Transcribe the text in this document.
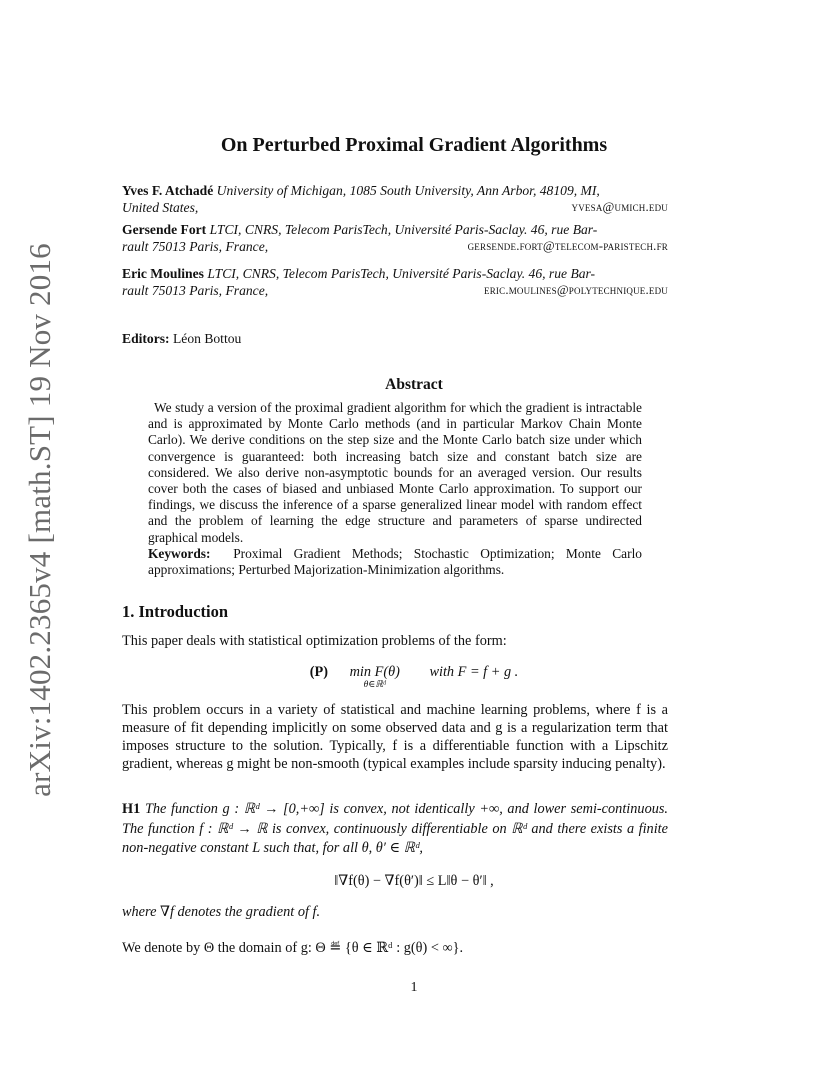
arXiv:1402.2365v4 [math.ST] 19 Nov 2016
On Perturbed Proximal Gradient Algorithms
Yves F. Atchadé University of Michigan, 1085 South University, Ann Arbor, 48109, MI,
United States,	yvesa@umich.edu
Gersende Fort LTCI, CNRS, Telecom ParisTech, Université Paris-Saclay. 46, rue Bar-
rault 75013 Paris, France,	gersende.fort@telecom-paristech.fr
Eric Moulines LTCI, CNRS, Telecom ParisTech, Université Paris-Saclay. 46, rue Bar-
rault 75013 Paris, France,	eric.moulines@polytechnique.edu
Editors: Léon Bottou
Abstract

We study a version of the proximal gradient algorithm for which the gradient is intractable and is approximated by Monte Carlo methods (and in particular Markov Chain Monte Carlo). We derive conditions on the step size and the Monte Carlo batch size under which convergence is guaranteed: both increasing batch size and constant batch size are considered. We also derive non-asymptotic bounds for an averaged version. Our results cover both the cases of biased and unbiased Monte Carlo approximation. To support our findings, we discuss the inference of a sparse generalized linear model with random effect and the problem of learning the edge structure and parameters of sparse undirected graphical models.

Keywords: Proximal Gradient Methods; Stochastic Optimization; Monte Carlo approximations; Perturbed Majorization-Minimization algorithms.
1. Introduction
This paper deals with statistical optimization problems of the form:
(P) min F(θ)
θ∈ℝᵈ
with F = f + g .
This problem occurs in a variety of statistical and machine learning problems, where f is a measure of fit depending implicitly on some observed data and g is a regularization term that imposes structure to the solution. Typically, f is a differentiable function with a Lipschitz gradient, whereas g might be non-smooth (typical examples include sparsity inducing penalty).
H1 The function g : ℝᵈ → [0,+∞] is convex, not identically +∞, and lower semi-continuous. The function f : ℝᵈ → ℝ is convex, continuously differentiable on ℝᵈ and there exists a finite non-negative constant L such that, for all θ, θ′ ∈ ℝᵈ,
‖∇f(θ) − ∇f(θ′)‖ ≤ L‖θ − θ′‖ ,
where ∇f denotes the gradient of f.
We denote by Θ the domain of g: Θ ≝ {θ ∈ ℝᵈ : g(θ) < ∞}.
1
